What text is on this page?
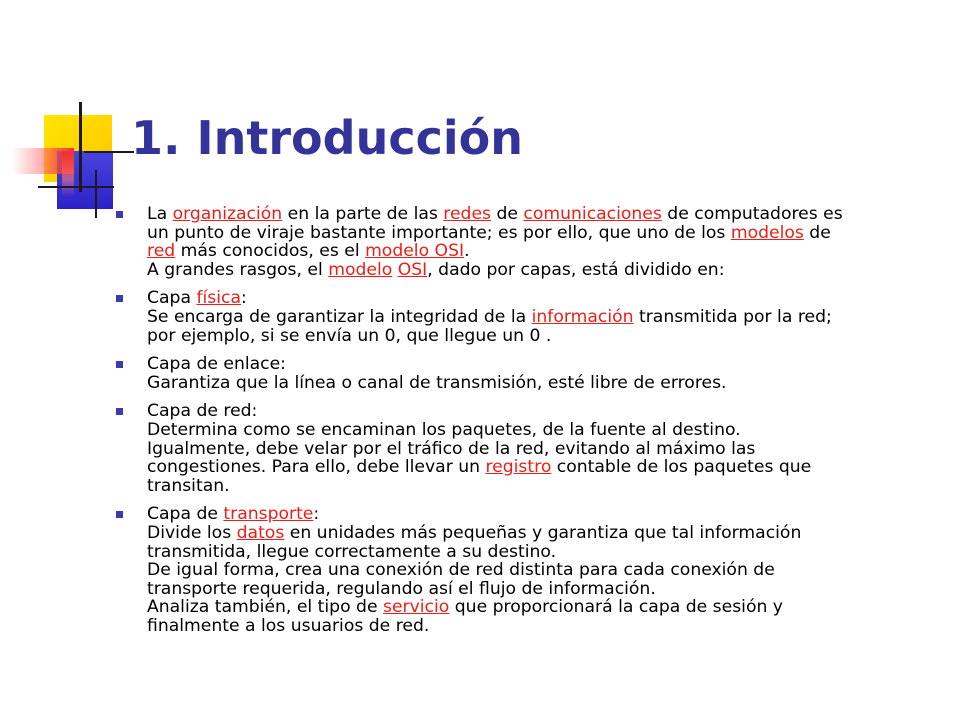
1. Introducción
La organización en la parte de las redes de comunicaciones de computadores es
un punto de viraje bastante importante; es por ello, que uno de los modelos de
red más conocidos, es el modelo OSI.
A grandes rasgos, el modelo OSI, dado por capas, está dividido en:
Capa física:
Se encarga de garantizar la integridad de la información transmitida por la red;
por ejemplo, si se envía un 0, que llegue un 0 .
Capa de enlace:
Garantiza que la línea o canal de transmisión, esté libre de errores.
Capa de red:
Determina como se encaminan los paquetes, de la fuente al destino.
Igualmente, debe velar por el tráfico de la red, evitando al máximo las
congestiones. Para ello, debe llevar un registro contable de los paquetes que
transitan.
Capa de transporte:
Divide los datos en unidades más pequeñas y garantiza que tal información
transmitida, llegue correctamente a su destino.
De igual forma, crea una conexión de red distinta para cada conexión de
transporte requerida, regulando así el flujo de información.
Analiza también, el tipo de servicio que proporcionará la capa de sesión y
finalmente a los usuarios de red.
